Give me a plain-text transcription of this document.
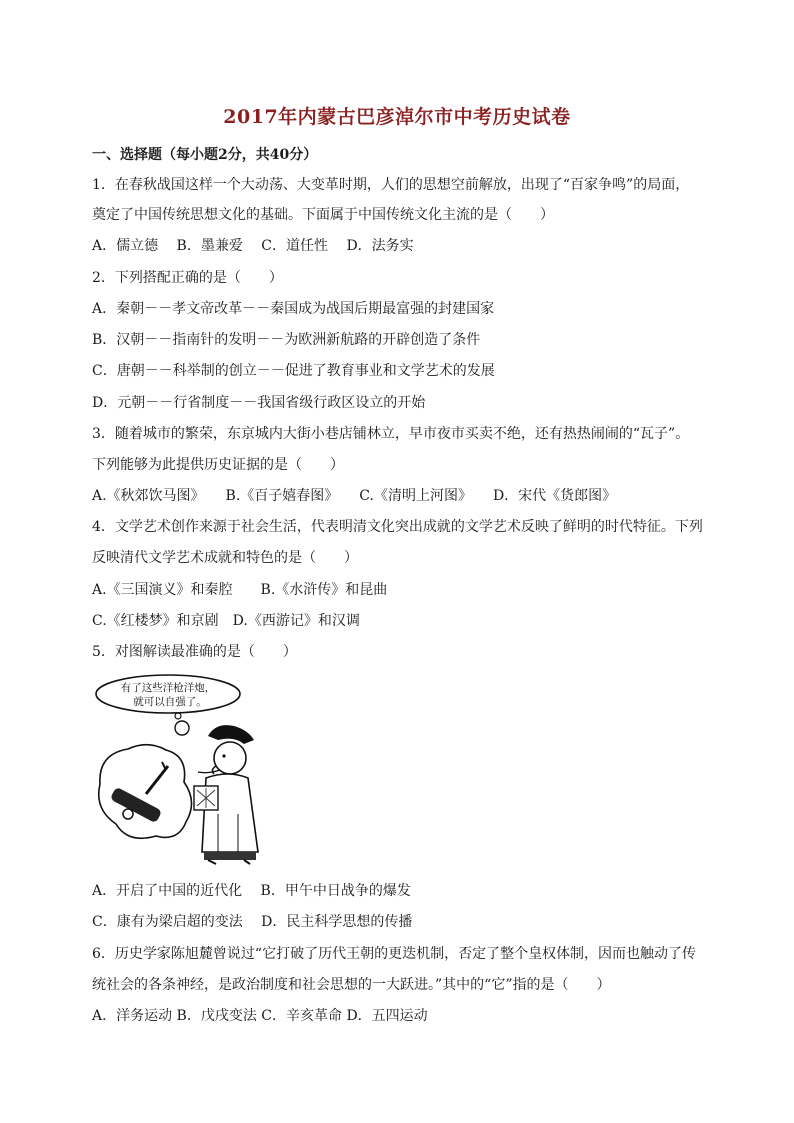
2017年内蒙古巴彦淖尔市中考历史试卷
一、选择题（每小题2分，共40分）
1．在春秋战国这样一个大动荡、大变革时期，人们的思想空前解放，出现了“百家争鸣”的局面，
奠定了中国传统思想文化的基础。下面属于中国传统文化主流的是（　　）
A．儒立德　 B．墨兼爱　 C．道任性　 D．法务实
2．下列搭配正确的是（　　）
A．秦朝－－孝文帝改革－－秦国成为战国后期最富强的封建国家
B．汉朝－－指南针的发明－－为欧洲新航路的开辟创造了条件
C．唐朝－－科举制的创立－－促进了教育事业和文学艺术的发展
D．元朝－－行省制度－－我国省级行政区设立的开始
3．随着城市的繁荣，东京城内大街小巷店铺林立，早市夜市买卖不绝，还有热热闹闹的“瓦子”。
下列能够为此提供历史证据的是（　　）
A.《秋郊饮马图》　　B.《百子嬉春图》　　C.《清明上河图》　　D．宋代《货郎图》
4．文学艺术创作来源于社会生活，代表明清文化突出成就的文学艺术反映了鲜明的时代特征。下列
反映清代文学艺术成就和特色的是（　　）
A.《三国演义》和秦腔　　B.《水浒传》和昆曲
C.《红楼梦》和京剧　D.《西游记》和汉调
5．对图解读最准确的是（　　）
有了这些洋枪洋炮，
就可以自强了。
A．开启了中国的近代化　 B．甲午中日战争的爆发
C．康有为梁启超的变法　 D．民主科学思想的传播
6．历史学家陈旭麓曾说过“它打破了历代王朝的更迭机制，否定了整个皇权体制，因而也触动了传
统社会的各条神经，是政治制度和社会思想的一大跃进。”其中的“它”指的是（　　）
A．洋务运动 B．戊戌变法 C．辛亥革命 D．五四运动
